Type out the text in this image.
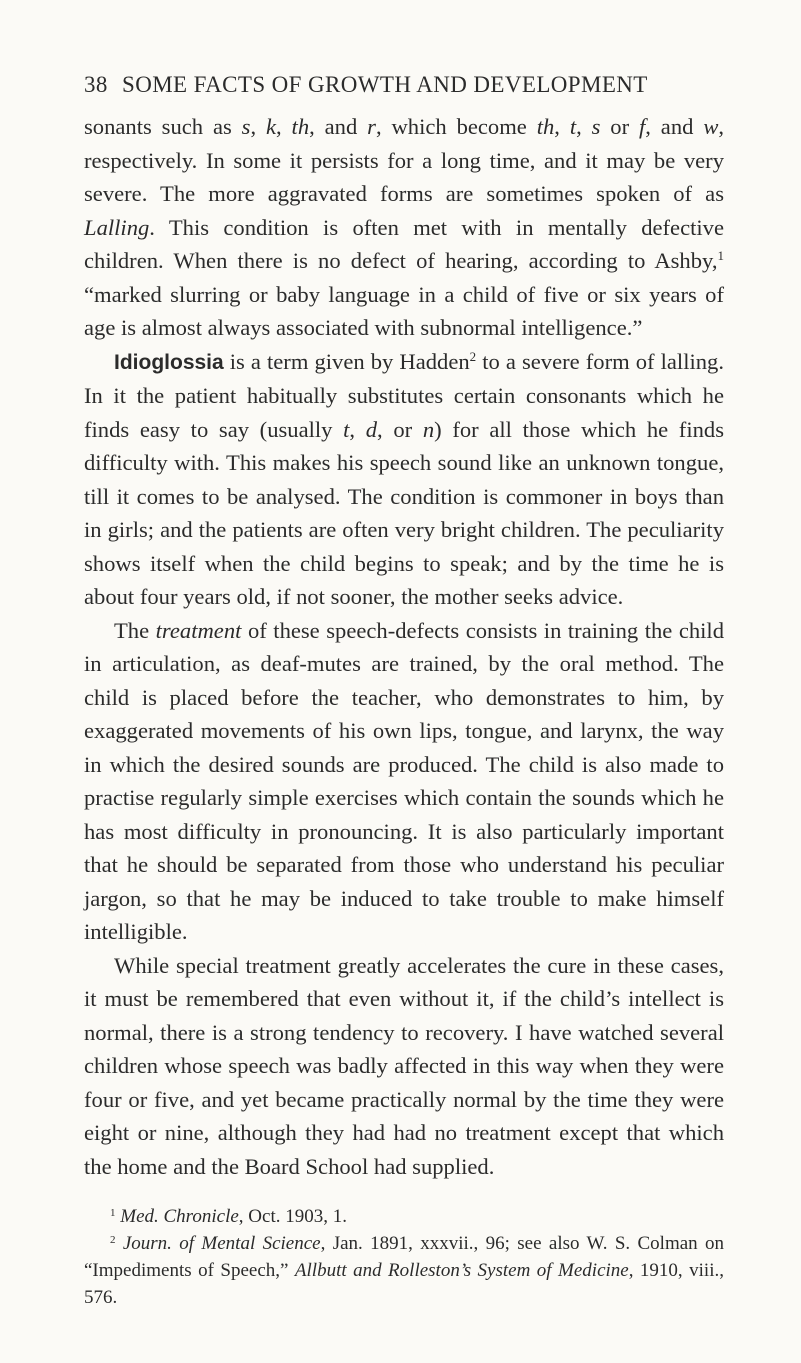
38 SOME FACTS OF GROWTH AND DEVELOPMENT

sonants such as s, k, th, and r, which become th, t, s or f, and w, respectively. In some it persists for a long time, and it may be very severe. The more aggravated forms are sometimes spoken of as Lalling. This condition is often met with in mentally defective children. When there is no defect of hearing, according to Ashby,$^1$ “marked slurring or baby language in a child of five or six years of age is almost always associated with subnormal intelligence.”

Idioglossia is a term given by Hadden$^2$ to a severe form of lalling. In it the patient habitually substitutes certain consonants which he finds easy to say (usually t, d, or n) for all those which he finds difficulty with. This makes his speech sound like an unknown tongue, till it comes to be analysed. The condition is commoner in boys than in girls; and the patients are often very bright children. The peculiarity shows itself when the child begins to speak; and by the time he is about four years old, if not sooner, the mother seeks advice.

The treatment of these speech-defects consists in training the child in articulation, as deaf-mutes are trained, by the oral method. The child is placed before the teacher, who demonstrates to him, by exaggerated movements of his own lips, tongue, and larynx, the way in which the desired sounds are produced. The child is also made to practise regularly simple exercises which contain the sounds which he has most difficulty in pronouncing. It is also particularly important that he should be separated from those who understand his peculiar jargon, so that he may be induced to take trouble to make himself intelligible.

While special treatment greatly accelerates the cure in these cases, it must be remembered that even without it, if the child’s intellect is normal, there is a strong tendency to recovery. I have watched several children whose speech was badly affected in this way when they were four or five, and yet became practically normal by the time they were eight or nine, although they had had no treatment except that which the home and the Board School had supplied.

$^1$ Med. Chronicle, Oct. 1903, 1.

$^2$ Journ. of Mental Science, Jan. 1891, xxxvii., 96; see also W. S. Colman on “Impediments of Speech,” Allbutt and Rolleston’s System of Medicine, 1910, viii., 576.
